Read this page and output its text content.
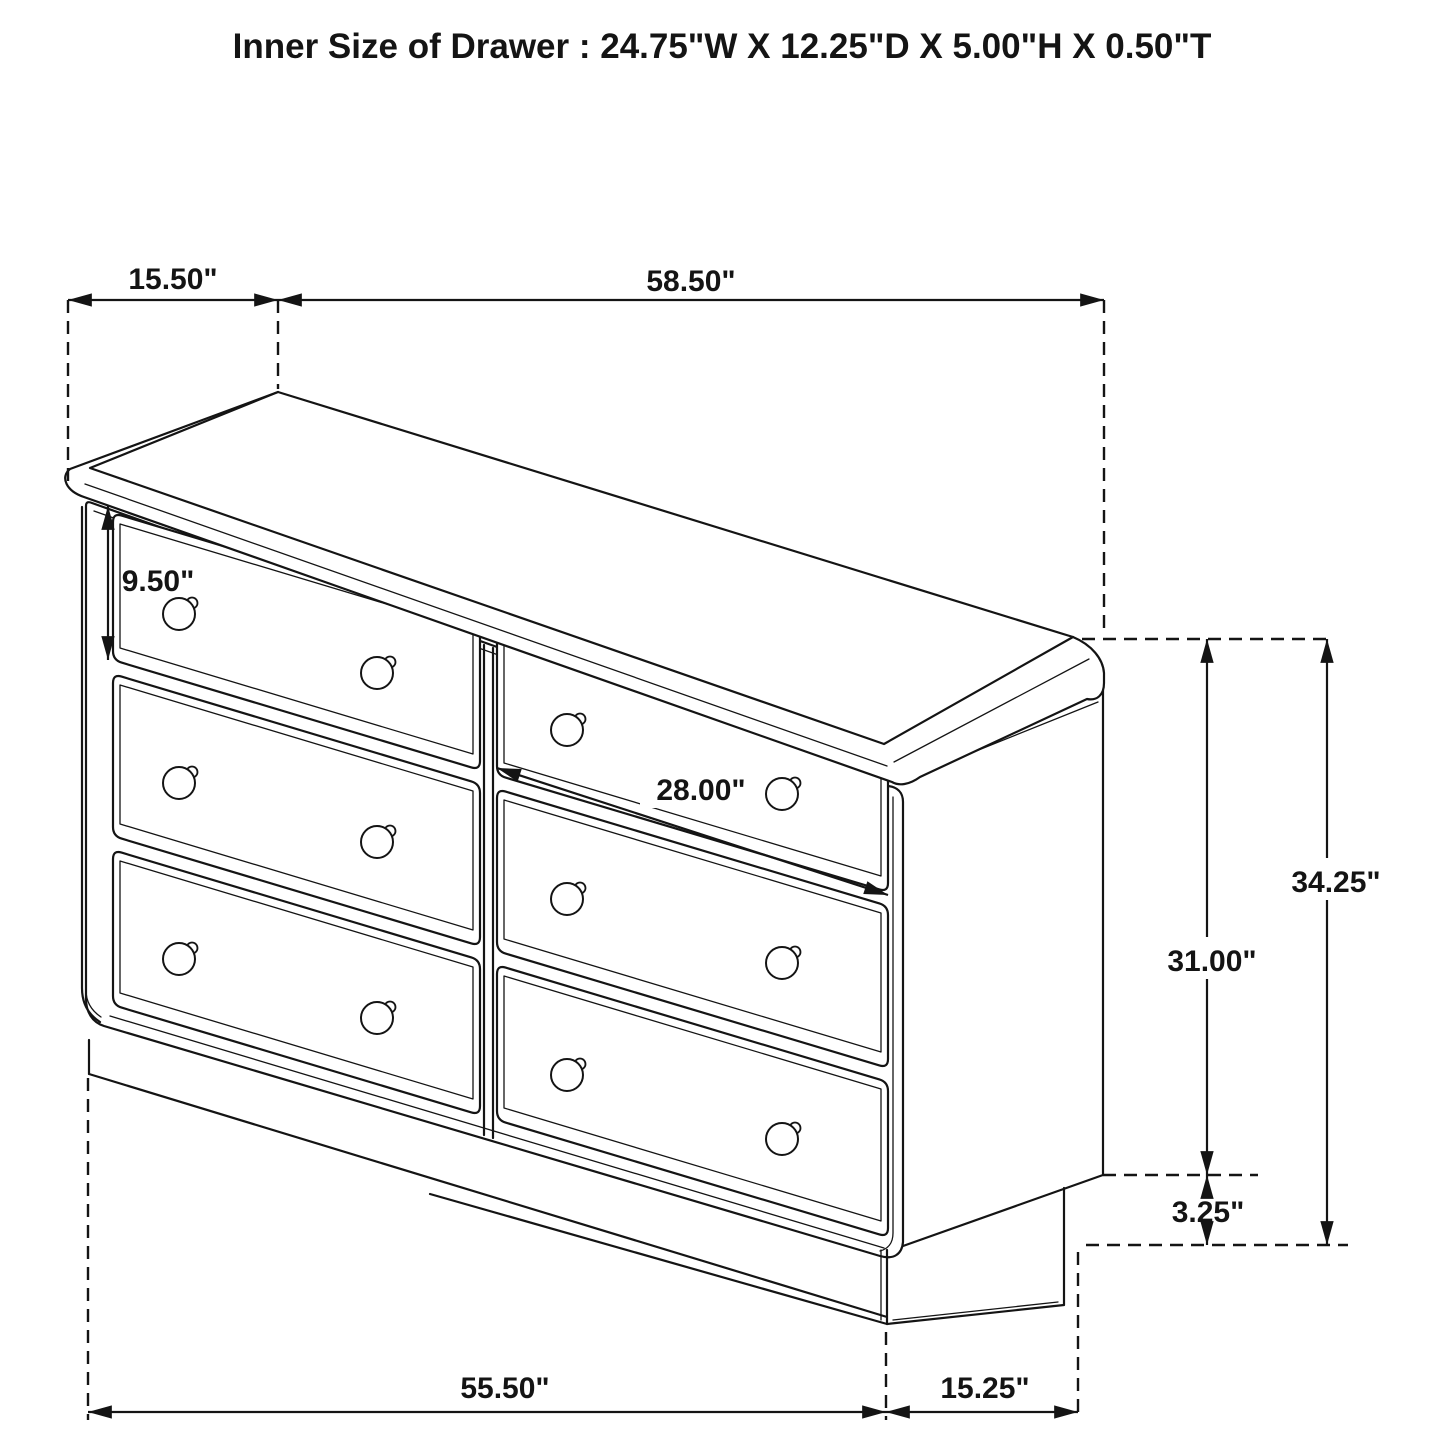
15.50"	58.50"
9.50"
28.00"
31.00"
34.25"
3.25"
55.50"	15.25"
Inner Size of Drawer : 24.75"W X 12.25"D X 5.00"H X 0.50"T
